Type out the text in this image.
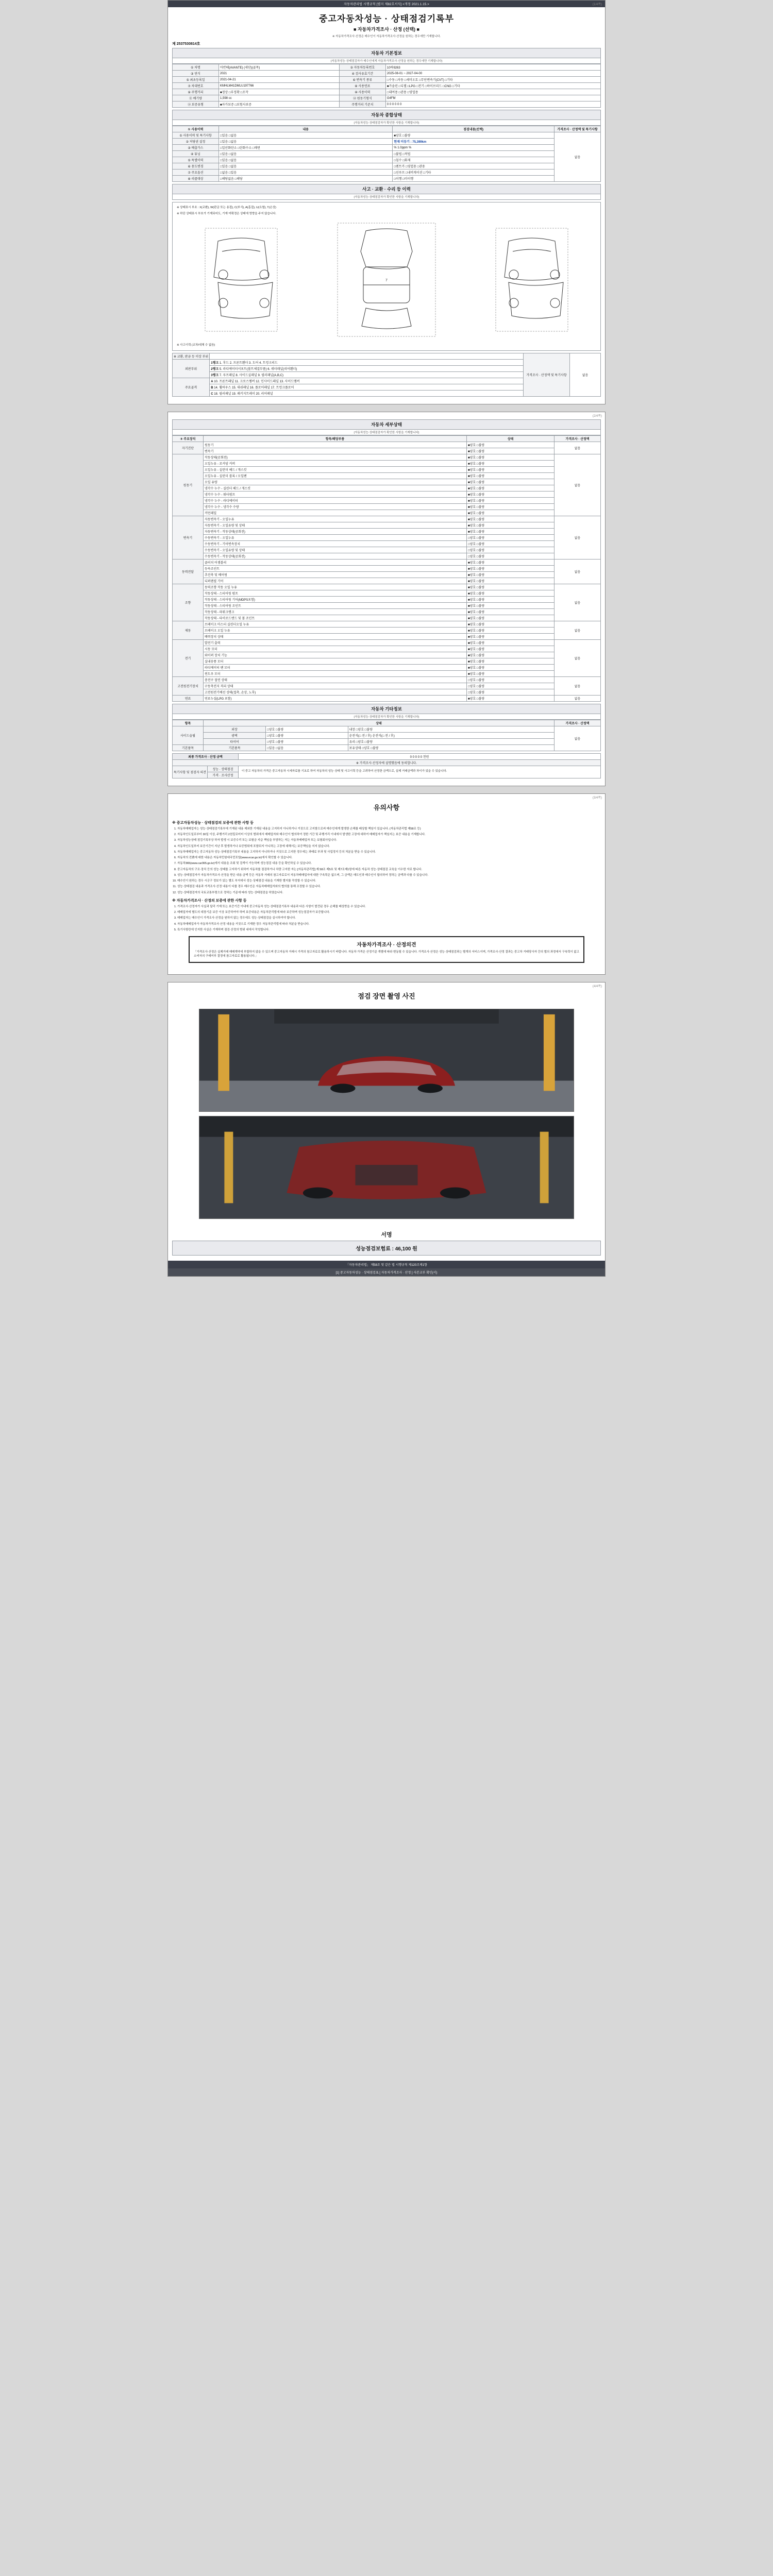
자동차관리법 시행규칙 [별지 제82호서식] <개정 2021.1.15.>	(1/4쪽)
중고자동차성능 · 상태점검기록부
■ 자동차가격조사 · 산정 (선택) ■
※ 자동차가격조사·산정은 매수인이 자동차가격조사·산정을 원하는 경우에만 기재합니다.
제 2537530814호
자동차 기본정보
(자동차성능·상태점검자가 매수인에게 자동차가격조사·산정을 원하는 경우에만 기재합니다)
① 차명	아반떼(AVANTE) (세단)(골목)	② 자동차등록번호	10하9263
③ 연식	2021	④ 검사유효기간	2025-08-01 ~ 2027-04-00
⑤ 최초등록일	2021-04-21	⑥ 변속기 종류	□수동 □자동 □세미오토 □무단변속기(CVT) □기타
⑦ 차대번호	KMHLM41DMLU197766	⑧ 사용연료	■가솔린 □디젤 □LPG □전기 □하이브리드 □CNG □기타
⑨ 주행거리	■정상 □부정확 □조작	⑩ 사용이력	□대여용 □관용 □영업용
⑪ 배기량	1,598 cc	⑫ 원동기형식	G4FM
⑬ 보증유형	■자가보증 □보험사보증	주행거리 기준치	0 0 0 0 0 0
자동차 종합상태
(자동차성능·상태점검자가 확인한 사항을 기재합니다)
① 사용이력	내용	점검내용(선택)	가격조사 · 산정액 및 특기사항
① 사용이력 및 특기사항	□있음 □없음	■양호 □불량	없음
② 저당권 설정	□있음 □없음	현재 미등기 : 75,399km	
③ 배출가스	□일산화탄소 □탄화수소 □매연	% 1.0ppm %	
④ 튜닝	□있음 □없음	□불법 □적법	
⑤ 특별이력	□있음 □없음	□침수 □화재	
⑥ 용도변경	□있음 □없음	□렌트카 □영업용 □관용	
⑦ 주요옵션	□없음 □있음	□선루프 □내비게이션 □기타	
⑧ 리콜대상	□해당없음 □해당	□이행 □미이행	
사고 · 교환 · 수리 등 이력
(자동차성능·상태점검자가 확인한 사항을 기재합니다)
※ 상태표시 부호 : X(교환), W(판금 또는 용접), C(부식), A(흠집), U(요철), T(손상)
※ 하단 상태표시 부호가 기재되어도, 기재 미확정은 상태에 영향을 주지 않습니다.
7
※ 사고이력 (교차/대체 수 없음)
※ 교환, 판금 등 이상 부위		가격조사 · 산정액 및 특기사항	없음
외판부위	1랭크 1. 후드 2. 프론트휀더 3. 도어 4. 트렁크리드		
	2랭크 5. 라디에이터서포트(볼트체결부품) 6. 쿼터패널(리어휀더)		
	3랭크 7. 루프패널 8. 사이드실패널 9. 필러패널(A,B,C)		
주요골격	A 10. 프론트패널 11. 크로스멤버 12. 인사이드패널 13. 사이드멤버		
	B 14. 휠하우스 15. 대쉬패널 16. 플로어패널 17. 트렁크플로어		
	C 18. 필러패널 19. 패키지트레이 20. 리어패널		
(2/4쪽)
자동차 세부상태
(자동차성능·상태점검자가 확인한 사항을 기재합니다)
③ 주요장치	항목/해당부품	상태	가격조사 · 산정액
자기진단	원동기	■양호 □불량	없음
	변속기	■양호 □불량	
원동기	작동상태(공회전)	■양호 □불량	없음
	오일누유 - 로커암 커버	■양호 □불량	
	오일누유 - 실린더 헤드 / 개스킷	■양호 □불량	
	오일누유 - 실린더 블록 / 오일팬	■양호 □불량	
	오일 유량	■양호 □불량	
	냉각수 누수 - 실린더 헤드 / 개스킷	■양호 □불량	
	냉각수 누수 - 워터펌프	■양호 □불량	
	냉각수 누수 - 라디에이터	■양호 □불량	
	냉각수 누수 - 냉각수 수량	■양호 □불량	
	커먼레일	■양호 □불량	
변속기	자동변속기 - 오일누유	■양호 □불량	없음
	자동변속기 - 오일유량 및 상태	■양호 □불량	
	자동변속기 - 작동상태(공회전)	■양호 □불량	
	수동변속기 - 오일누유	□양호 □불량	
	수동변속기 - 기어변속장치	□양호 □불량	
	수동변속기 - 오일유량 및 상태	□양호 □불량	
	수동변속기 - 작동상태(공회전)	□양호 □불량	
동력전달	클러치 어셈블리	■양호 □불량	없음
	등속조인트	■양호 □불량	
	추진축 및 베어링	■양호 □불량	
	디퍼렌셜 기어	■양호 □불량	
조향	동력조향 작동 오일 누유	■양호 □불량	없음
	작동상태 - 스티어링 펌프	■양호 □불량	
	작동상태 - 스티어링 기어(MDPS포함)	■양호 □불량	
	작동상태 - 스티어링 조인트	■양호 □불량	
	작동상태 - 파워크랭크	■양호 □불량	
	작동상태 - 타이로드엔드 및 볼 조인트	■양호 □불량	
제동	브레이크 마스터 실린더오일 누유	■양호 □불량	없음
	브레이크 오일 누유	■양호 □불량	
	배력장치 상태	■양호 □불량	
전기	발전기 출력	■양호 □불량	없음
	시동 모터	■양호 □불량	
	와이퍼 장치 기능	■양호 □불량	
	실내송풍 모터	■양호 □불량	
	라디에이터 팬 모터	■양호 □불량	
	윈도우 모터	■양호 □불량	
고전원전기장치	충전구 절연 상태	□양호 □불량	없음
	구동축전지 격리 상태	□양호 □불량	
	고전원전기배선 상태(접촉, 손상, 노후)	□양호 □불량	
연료	연료누설(LPG 포함)	■양호 □불량	없음
자동차 기타정보
(자동차성능·상태점검자가 확인한 사항을 기재합니다)
항목	상태			가격조사 · 산정액
사이드슬립	외장	□양호 □불량	내장 □양호 □불량	없음
	광택	□양호 □불량	운전석(□ 전 / 후) 운전석(□ 전 / 후)	
	타이어	□양호 □불량	유리 □양호 □불량	
기본품목	기본품목	□있음 □없음	보유상태 □양호 □불량	
최종 가격조사 · 산정 금액		0 0 0 0 0 천원
※ 가격조사·산정자에 설명했음에 동의합니다.		
특기사항 및 점검자 의견	성능 · 상태점검	이 중고 자동차의 가격은 중고자동차 시세자료를 기초로 하여 자동차의 성능·상태 및 사고이력 등을 고려하여 산정한 금액으로, 실제 거래금액과 차이가 있을 수 있습니다.
	가격 · 조사산정	
(3/4쪽)
유의사항
※ 중고자동차성능 · 상태점검의 보증에 관한 사항 등
1. 자동차매매업자는 성능·상태점검기록부에 기재된 내용 제외한 기재된 내용을 고지하지 아니하거나 거짓으로 고지함으로써 매수인에게 발생한 손해를 배상할 책임이 있습니다. (자동차관리법 제58조 등)
2. 자동차인도일로부터 30일 이상, 주행거리 2천킬로미터 이상의 범위에서 매매업자와 매수인이 협의하여 정한 기간 및 주행거리 이내에서 발생한 고장에 대하여 매매업자가 책임지는 보증 내용을 기재합니다.
3. 자동차성능상태 점검기록부상 하자 발생 시 보증수리 또는 보험금 지급 책임을 부담하는 자는 자동차매매업자 또는 보험회사입니다.
4. 자동차인도일부터 보증기간이 지난 후 발생하거나 보증범위에 포함되지 아니하는 고장에 대해서는 보증책임을 지지 않습니다.
5. 자동차매매업자는 중고자동차 성능·상태점검기록부 내용을 고지하지 아니하거나 거짓으로 고지한 경우에는 과태료 부과 및 사업정지 등의 처분을 받을 수 있습니다.
6. 자동차의 전费에 대한 내용은 자동차민원대국민포털(www.ecar.go.kr)에서 확인할 수 있습니다.
7. 자동차365(www.car365.go.kr)에서 내용을 조회 및 검색이 가능하며 성능점검 내용 등을 확인하실 수 있습니다.
8. 중고자동차의 구조·장치 등의 성능·상태를 고지하기 위하여 자동차를 점검하거나 차량 고지한 자는 [자동차관리법] 제 58조 제5호 및 제7조제1항에 따른 자동차 성능·상태점검 교육을 이수한 자로 합니다.
9. 성능·상태점검자가 자동차가격조사·산정을 받은 내용·금액 등은 자동차 거래의 참고자료로서 자동차매매업자에 대한 구속력은 없으며, 그 금액은 매도인과 매수인이 합의하여 정하는 금액과 다를 수 있습니다.
10. 매수인이 원하는 경우 시군구 정보가 있는 별도 부지에서 성능·상태점검 내용을 기재한 별지를 작성할 수 있습니다.
11. 성능·상태점검 내용과 가격조사·산정 내용이 다를 경우 매수인은 자동차매매업자와의 협의를 통해 조정할 수 있습니다.
12. 성능·상태점검자의 국토교통부령으로 정하는 기준에 따라 성능·상태점검을 하였습니다.
※ 자동차가격조사 · 산정의 보증에 관한 사항 등
1. 가격조사·산정자가 사실과 달리 기재 또는 보증기간 이내에 중고자동차 성능·상태점검기록부 내용과 다른 사항이 발견된 경우 손해를 배상받을 수 있습니다.
2. 매매업자에 별도의 대장기준 보증 이상 보증하여야 하며 보증내용은 자동차관리법에 따라 보증하며 성능점검자가 보증합니다.
3. 매매업자는 매수인이 가격조사·산정을 원하지 않는 경우에도 성능·상태점검을 실시하여야 합니다.
4. 자동차매매업자가 자동차가격조사·산정 내용을 거짓으로 기재한 경우 자동차관리법에 따라 처분을 받습니다.
5. 특기사항란에 인지한 사실은 기재하며 점검·산정의 범위 내에서 작성합니다.
자동차가격조사 · 산정의견
「가격조사·산정은 실제거래 매매계약에 부합하지 않을 수 있으며 중고자동차 거래시 가격의 참고자료로 활용하시기 바랍니다. 자동차 가격은 산정기준 개별에 따라 변동될 수 있습니다. 가격조사·산정은 성능·상태점검과는 별개의 서비스이며, 가격조사·산정 결과는 중고차 거래당사자 간의 협의 과정에서 구속력이 없고 소비자의 구매여부 결정에 참고자료로 활용됩니다.」
(4/4쪽)
점검 장면 촬영 사진
서명
성능점검보험료 : 46,100 원
「자동차관리법」 제58조 및 같은 법 시행규칙 제120조제1항
[1] 중고자동차성능 · 상태점검표 [ 자동차가격조사 · 산정 ] 사본교부 확인(서)
